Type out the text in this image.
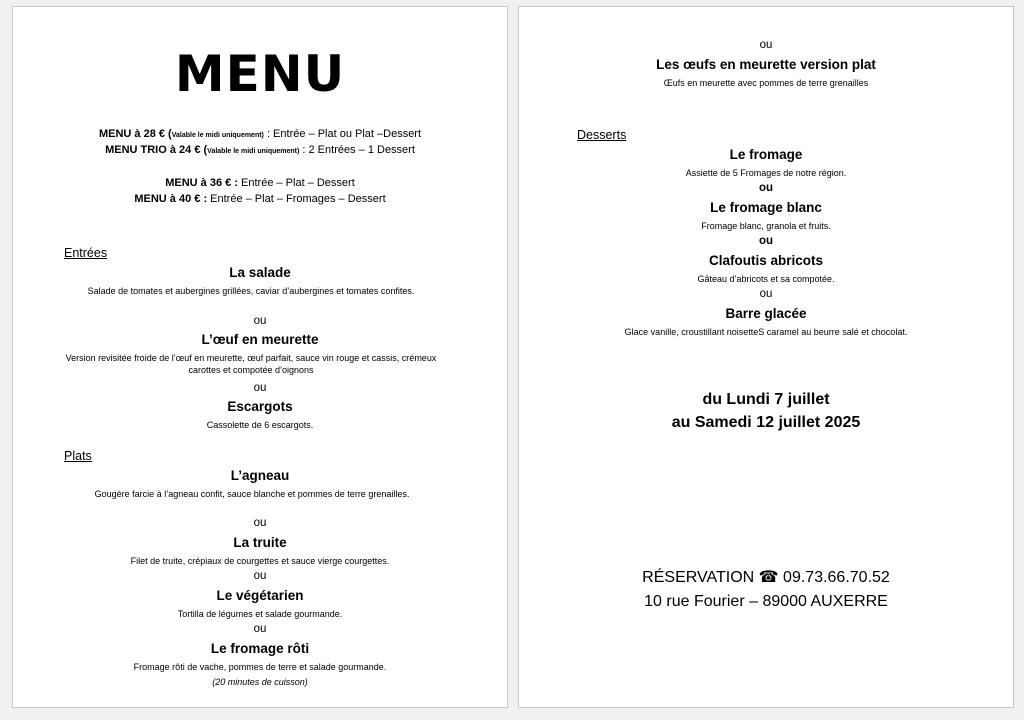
MENU
MENU à 28 € (Valable le midi uniquement) : Entrée – Plat ou Plat –Dessert
MENU TRIO à 24 € (Valable le midi uniquement) : 2 Entrées – 1 Dessert
MENU à 36 € : Entrée – Plat – Dessert
MENU à 40 € : Entrée – Plat – Fromages – Dessert
Entrées
La salade
Salade de tomates et aubergines grillées, caviar d’aubergines et tomates confites.
ou
L’œuf en meurette
Version revisitée froide de l’œuf en meurette, œuf parfait, sauce vin rouge et cassis, crémeux carottes et compotée d’oignons
ou
Escargots
Cassolette de 6 escargots.
Plats
L’agneau
Gougère farcie à l’agneau confit, sauce blanche et pommes de terre grenailles.
ou
La truite
Filet de truite, crépiaux de courgettes et sauce vierge courgettes.
ou
Le végétarien
Tortilla de légumes et salade gourmande.
ou
Le fromage rôti
Fromage rôti de vache, pommes de terre et salade gourmande.
(20 minutes de cuisson)
ou
Les œufs en meurette version plat
Œufs en meurette avec pommes de terre grenailles
Desserts
Le fromage
Assiette de 5 Fromages de notre région.
ou
Le fromage blanc
Fromage blanc, granola et fruits.
ou
Clafoutis abricots
Gâteau d’abricots et sa compotée.
ou
Barre glacée
Glace vanille, croustillant noisetteS caramel au beurre salé et chocolat.
du Lundi 7 juillet
au Samedi 12 juillet 2025
RÉSERVATION ☎ 09.73.66.70.52
10 rue Fourier – 89000 AUXERRE
